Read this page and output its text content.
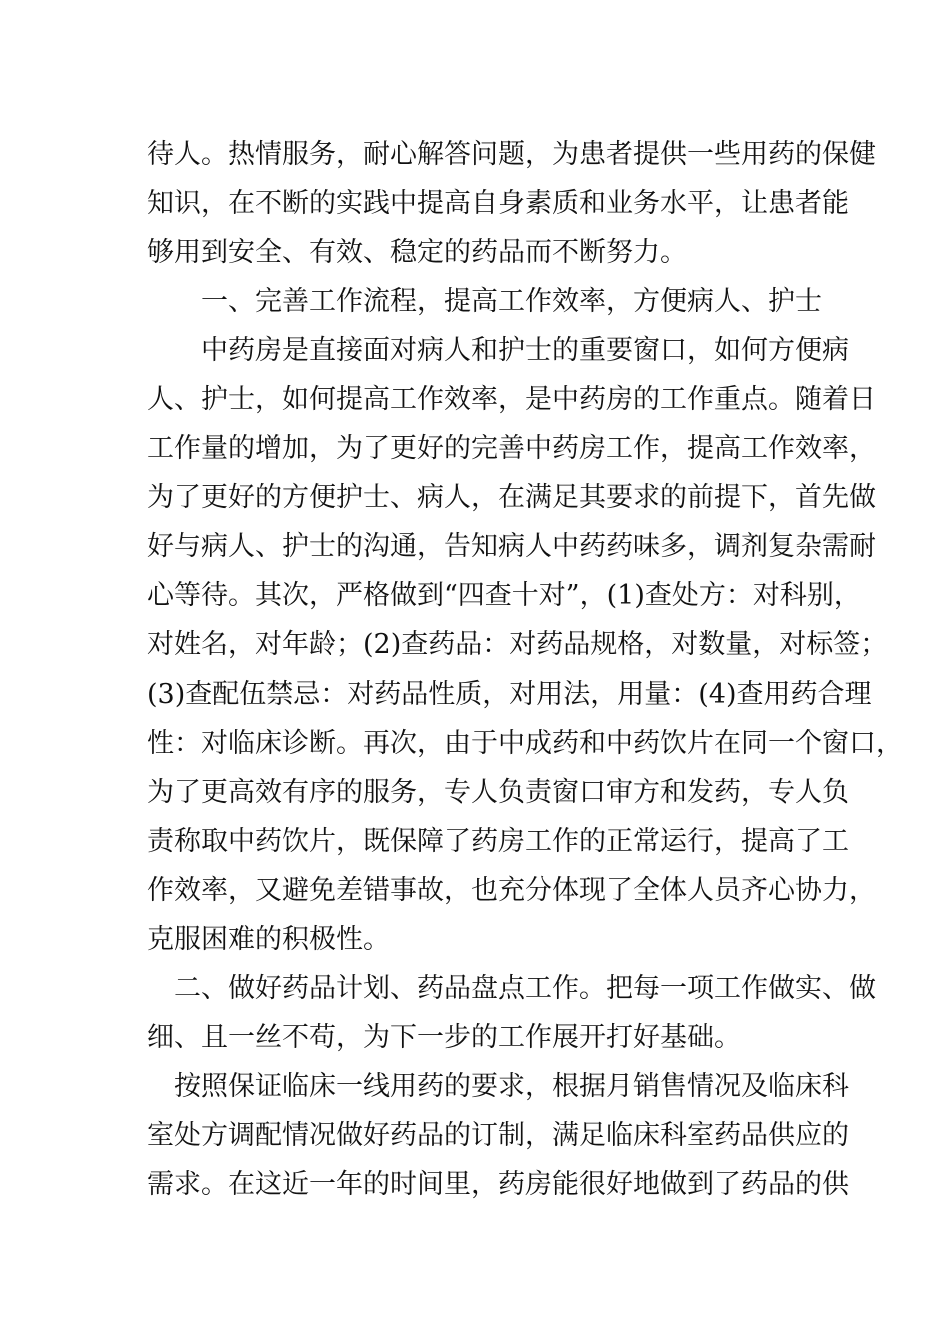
待人。热情服务，耐心解答问题，为患者提供一些用药的保健
知识，在不断的实践中提高自身素质和业务水平，让患者能
够用到安全、有效、稳定的药品而不断努力。
一、完善工作流程，提高工作效率，方便病人、护士
中药房是直接面对病人和护士的重要窗口，如何方便病
人、护士，如何提高工作效率，是中药房的工作重点。随着日
工作量的增加，为了更好的完善中药房工作，提高工作效率，
为了更好的方便护士、病人，在满足其要求的前提下，首先做
好与病人、护士的沟通，告知病人中药药味多，调剂复杂需耐
心等待。其次，严格做到“四查十对”，(1)查处方：对科别，
对姓名，对年龄；(2)查药品：对药品规格，对数量，对标签；
(3)查配伍禁忌：对药品性质，对用法，用量：(4)查用药合理
性：对临床诊断。再次，由于中成药和中药饮片在同一个窗口，
为了更高效有序的服务，专人负责窗口审方和发药，专人负
责称取中药饮片，既保障了药房工作的正常运行，提高了工
作效率，又避免差错事故，也充分体现了全体人员齐心协力，
克服困难的积极性。
二、做好药品计划、药品盘点工作。把每一项工作做实、做
细、且一丝不苟，为下一步的工作展开打好基础。
按照保证临床一线用药的要求，根据月销售情况及临床科
室处方调配情况做好药品的订制，满足临床科室药品供应的
需求。在这近一年的时间里，药房能很好地做到了药品的供
